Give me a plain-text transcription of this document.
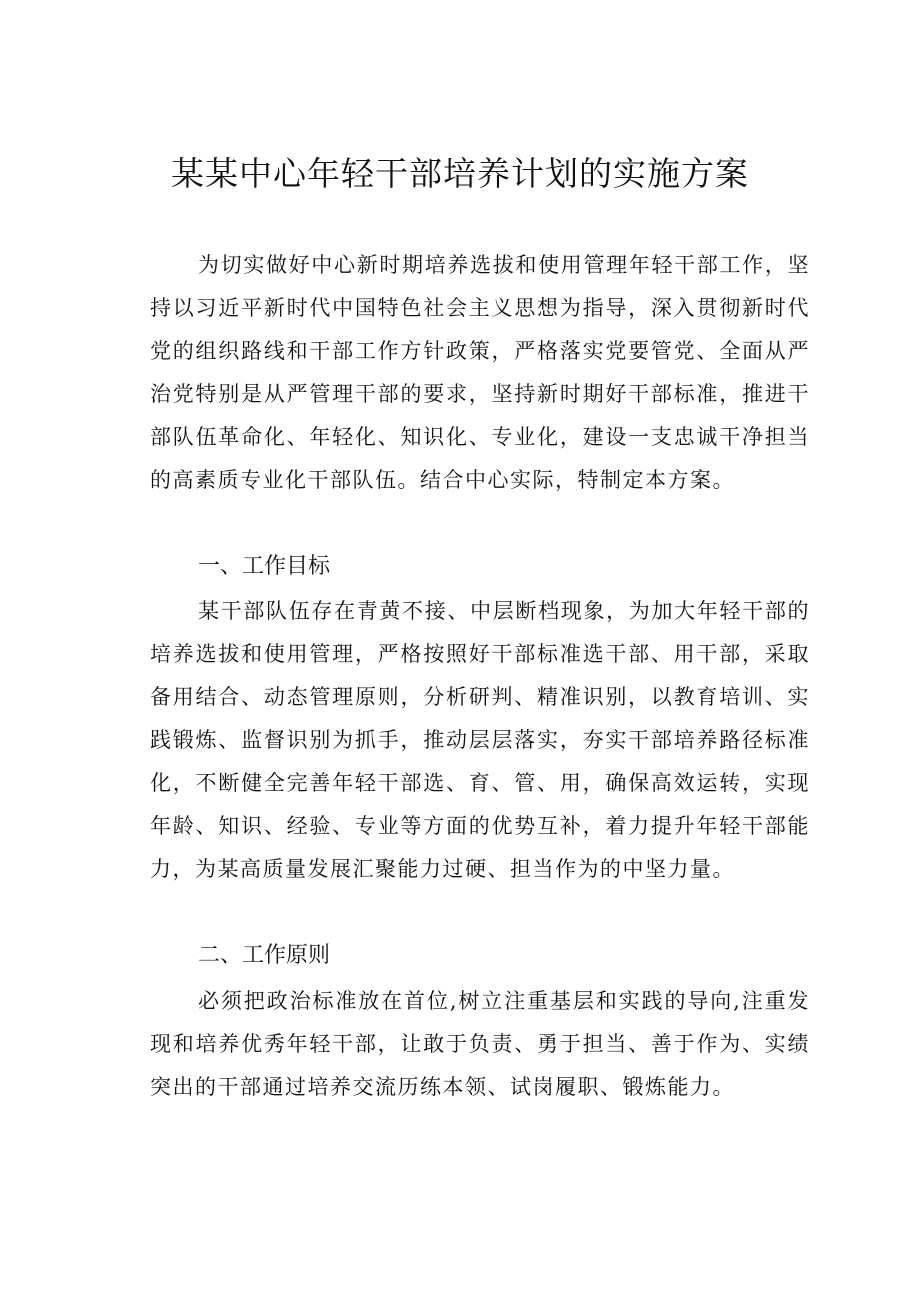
某某中心年轻干部培养计划的实施方案

为切实做好中心新时期培养选拔和使用管理年轻干部工作，坚持以习近平新时代中国特色社会主义思想为指导，深入贯彻新时代党的组织路线和干部工作方针政策，严格落实党要管党、全面从严治党特别是从严管理干部的要求，坚持新时期好干部标准，推进干部队伍革命化、年轻化、知识化、专业化，建设一支忠诚干净担当的高素质专业化干部队伍。结合中心实际，特制定本方案。

一、工作目标

某干部队伍存在青黄不接、中层断档现象，为加大年轻干部的培养选拔和使用管理，严格按照好干部标准选干部、用干部，采取备用结合、动态管理原则，分析研判、精准识别，以教育培训、实践锻炼、监督识别为抓手，推动层层落实，夯实干部培养路径标准化，不断健全完善年轻干部选、育、管、用，确保高效运转，实现年龄、知识、经验、专业等方面的优势互补，着力提升年轻干部能力，为某高质量发展汇聚能力过硬、担当作为的中坚力量。

二、工作原则

必须把政治标准放在首位,树立注重基层和实践的导向,注重发现和培养优秀年轻干部，让敢于负责、勇于担当、善于作为、实绩突出的干部通过培养交流历练本领、试岗履职、锻炼能力。
